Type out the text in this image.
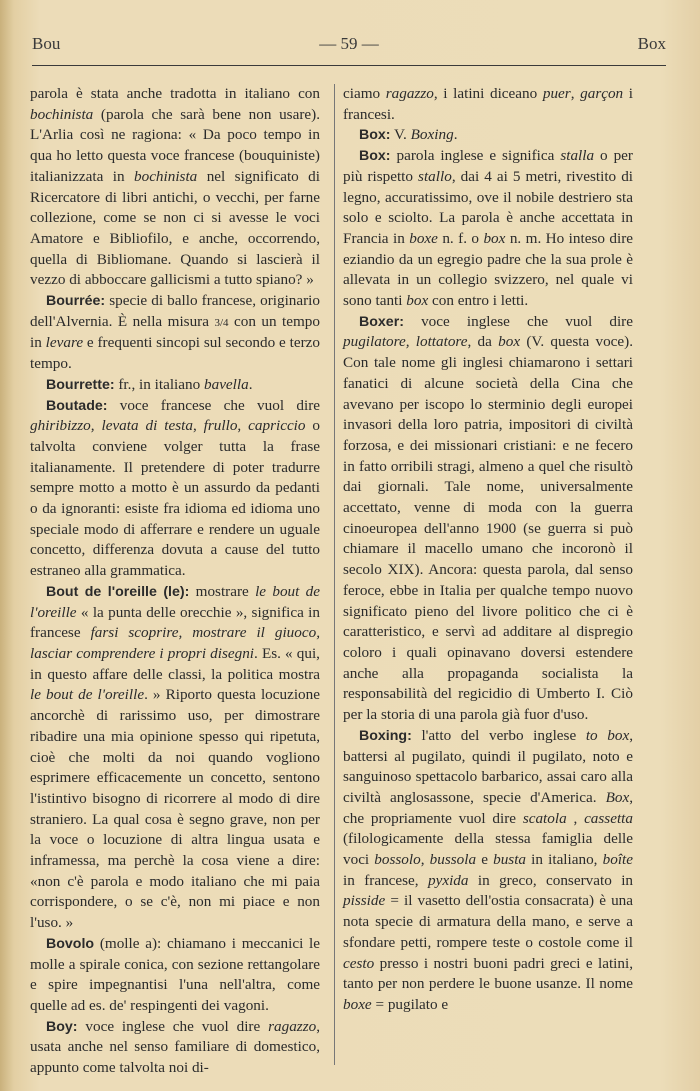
Bou	— 59 —	Box

parola è stata anche tradotta in italiano con bochinista (parola che sarà bene non usare). L'Arlia così ne ragiona: « Da poco tempo in qua ho letto questa voce francese (bouquiniste) italianizzata in bochinista nel significato di Ricercatore di libri antichi, o vecchi, per farne collezione, come se non ci si avesse le voci Amatore e Bibliofilo, e anche, occorrendo, quella di Bibliomane. Quando si lascierà il vezzo di abboccare gallicismi a tutto spiano? »

Bourrée: specie di ballo francese, originario dell'Alvernia. È nella misura 3/4 con un tempo in levare e frequenti sincopi sul secondo e terzo tempo.

Bourrette: fr., in italiano bavella.

Boutade: voce francese che vuol dire ghiribizzo, levata di testa, frullo, capriccio o talvolta conviene volger tutta la frase italianamente. Il pretendere di poter tradurre sempre motto a motto è un assurdo da pedanti o da ignoranti: esiste fra idioma ed idioma uno speciale modo di afferrare e rendere un uguale concetto, differenza dovuta a cause del tutto estraneo alla grammatica.

Bout de l'oreille (le): mostrare le bout de l'oreille « la punta delle orecchie », significa in francese farsi scoprire, mostrare il giuoco, lasciar comprendere i propri disegni. Es. « qui, in questo affare delle classi, la politica mostra le bout de l'oreille. » Riporto questa locuzione ancorchè di rarissimo uso, per dimostrare ribadire una mia opinione spesso qui ripetuta, cioè che molti da noi quando vogliono esprimere efficacemente un concetto, sentono l'istintivo bisogno di ricorrere al modo di dire straniero. La qual cosa è segno grave, non per la voce o locuzione di altra lingua usata e inframessa, ma perchè la cosa viene a dire: «non c'è parola e modo italiano che mi paia corrispondere, o se c'è, non mi piace e non l'uso. »

Bovolo (molle a): chiamano i meccanici le molle a spirale conica, con sezione rettangolare e spire impegnantisi l'una nell'altra, come quelle ad es. de' respingenti dei vagoni.

Boy: voce inglese che vuol dire ragazzo, usata anche nel senso familiare di domestico, appunto come talvolta noi di-

ciamo ragazzo, i latini diceano puer, garçon i francesi.

Box: V. Boxing.

Box: parola inglese e significa stalla o per più rispetto stallo, dai 4 ai 5 metri, rivestito di legno, accuratissimo, ove il nobile destriero sta solo e sciolto. La parola è anche accettata in Francia in boxe n. f. o box n. m. Ho inteso dire eziandio da un egregio padre che la sua prole è allevata in un collegio svizzero, nel quale vi sono tanti box con entro i letti.

Boxer: voce inglese che vuol dire pugilatore, lottatore, da box (V. questa voce). Con tale nome gli inglesi chiamarono i settari fanatici di alcune società della Cina che avevano per iscopo lo sterminio degli europei invasori della loro patria, impositori di civiltà forzosa, e dei missionari cristiani: e ne fecero in fatto orribili stragi, almeno a quel che risultò dai giornali. Tale nome, universalmente accettato, venne di moda con la guerra cinoeuropea dell'anno 1900 (se guerra si può chiamare il macello umano che incoronò il secolo XIX). Ancora: questa parola, dal senso feroce, ebbe in Italia per qualche tempo nuovo significato pieno del livore politico che ci è caratteristico, e servì ad additare al dispregio coloro i quali opinavano doversi estendere anche alla propaganda socialista la responsabilità del regicidio di Umberto I. Ciò per la storia di una parola già fuor d'uso.

Boxing: l'atto del verbo inglese to box, battersi al pugilato, quindi il pugilato, noto e sanguinoso spettacolo barbarico, assai caro alla civiltà anglosassone, specie d'America. Box, che propriamente vuol dire scatola , cassetta (filologicamente della stessa famiglia delle voci bossolo, bussola e busta in italiano, boîte in francese, pyxida in greco, conservato in pisside = il vasetto dell'ostia consacrata) è una nota specie di armatura della mano, e serve a sfondare petti, rompere teste o costole come il cesto presso i nostri buoni padri greci e latini, tanto per non perdere le buone usanze. Il nome boxe = pugilato e
